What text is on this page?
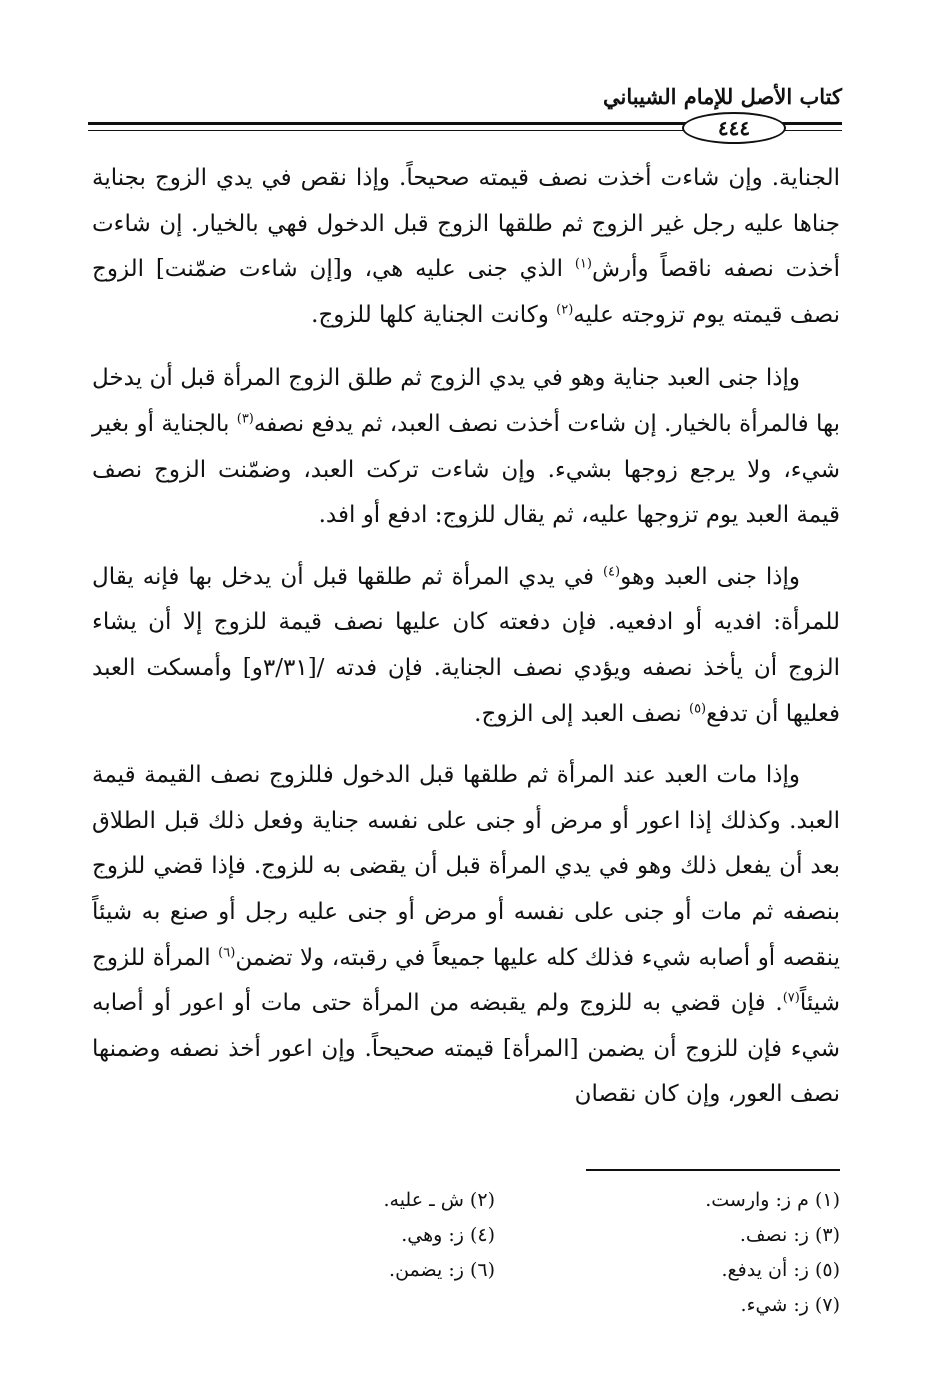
كتاب الأصل للإمام الشيباني
٤٤٤

الجناية. وإن شاءت أخذت نصف قيمته صحيحاً. وإذا نقص في يدي الزوج بجناية جناها عليه رجل غير الزوج ثم طلقها الزوج قبل الدخول فهي بالخيار. إن شاءت أخذت نصفه ناقصاً وأرش$^{(١)}$ الذي جنى عليه هي، و[إن شاءت ضمّنت] الزوج نصف قيمته يوم تزوجته عليه$^{(٢)}$ وكانت الجناية كلها للزوج.

وإذا جنى العبد جناية وهو في يدي الزوج ثم طلق الزوج المرأة قبل أن يدخل بها فالمرأة بالخيار. إن شاءت أخذت نصف العبد، ثم يدفع نصفه$^{(٣)}$ بالجناية أو بغير شيء، ولا يرجع زوجها بشيء. وإن شاءت تركت العبد، وضمّنت الزوج نصف قيمة العبد يوم تزوجها عليه، ثم يقال للزوج: ادفع أو افد.

وإذا جنى العبد وهو$^{(٤)}$ في يدي المرأة ثم طلقها قبل أن يدخل بها فإنه يقال للمرأة: افديه أو ادفعيه. فإن دفعته كان عليها نصف قيمة للزوج إلا أن يشاء الزوج أن يأخذ نصفه ويؤدي نصف الجناية. فإن فدته /[٣/٣١و] وأمسكت العبد فعليها أن تدفع$^{(٥)}$ نصف العبد إلى الزوج.

وإذا مات العبد عند المرأة ثم طلقها قبل الدخول فللزوج نصف القيمة قيمة العبد. وكذلك إذا اعور أو مرض أو جنى على نفسه جناية وفعل ذلك قبل الطلاق بعد أن يفعل ذلك وهو في يدي المرأة قبل أن يقضى به للزوج. فإذا قضي للزوج بنصفه ثم مات أو جنى على نفسه أو مرض أو جنى عليه رجل أو صنع به شيئاً ينقصه أو أصابه شيء فذلك كله عليها جميعاً في رقبته، ولا تضمن$^{(٦)}$ المرأة للزوج شيئاً$^{(٧)}$. فإن قضي به للزوج ولم يقبضه من المرأة حتى مات أو اعور أو أصابه شيء فإن للزوج أن يضمن [المرأة] قيمته صحيحاً. وإن اعور أخذ نصفه وضمنها نصف العور، وإن كان نقصان

(١) م ز: وارست.
(٢) ش ـ عليه.
(٣) ز: نصف.
(٤) ز: وهي.
(٥) ز: أن يدفع.
(٦) ز: يضمن.
(٧) ز: شيء.
